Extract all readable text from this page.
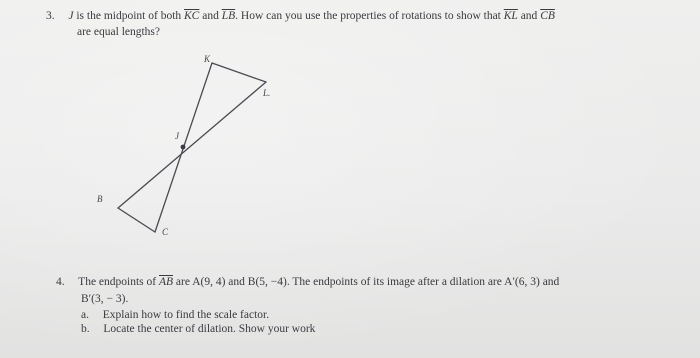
3. J is the midpoint of both $\overline{KC}$ and $\overline{LB}$. How can you use the properties of rotations to show that $\overline{KL}$ and $\overline{CB}$
are equal lengths?
K
L.
J
B
C
4. The endpoints of $\overline{AB}$ are A(9, 4) and B(5, −4). The endpoints of its image after a dilation are A′(6, 3) and
B′(3, − 3).
a. Explain how to find the scale factor.
b. Locate the center of dilation. Show your work
